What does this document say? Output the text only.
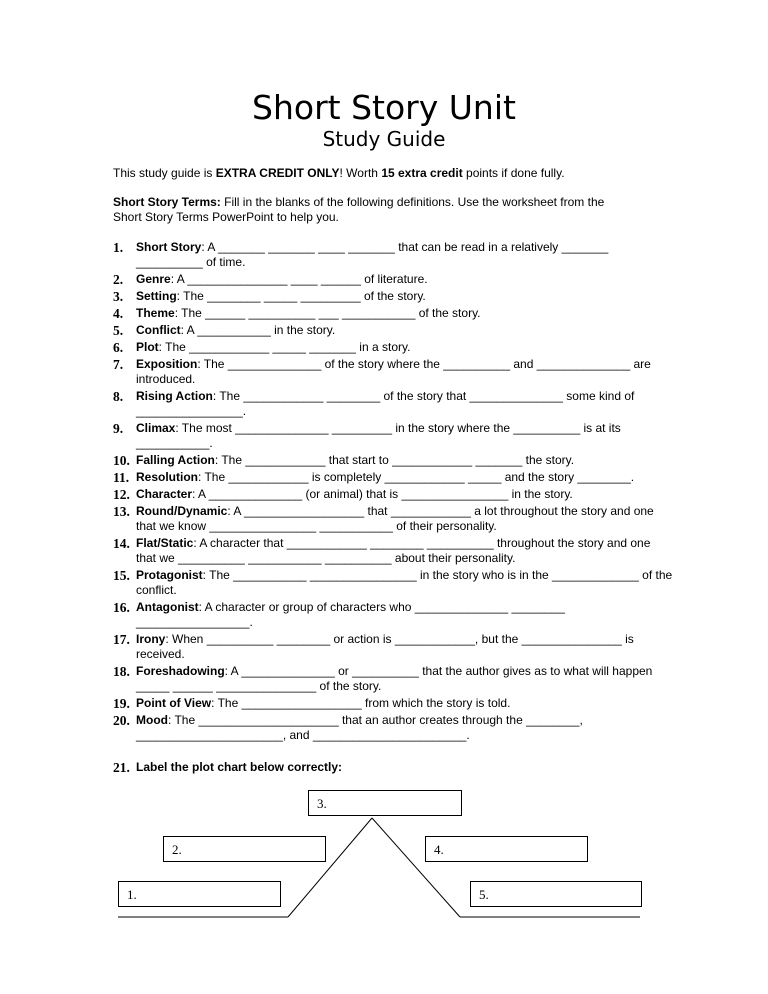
Short Story Unit
Study Guide
This study guide is EXTRA CREDIT ONLY! Worth 15 extra credit points if done fully.
Short Story Terms: Fill in the blanks of the following definitions. Use the worksheet from the Short Story Terms PowerPoint to help you.
1. Short Story: A _______ _______ ____ _______ that can be read in a relatively _______ __________ of time.
2. Genre: A _______________ ____ ______ of literature.
3. Setting: The ________ _____ _________ of the story.
4. Theme: The ______ __________ ___ ___________ of the story.
5. Conflict: A ___________ in the story.
6. Plot: The ____________ _____ _______ in a story.
7. Exposition: The ______________ of the story where the __________ and ______________ are introduced.
8. Rising Action: The ____________ ________ of the story that ______________ some kind of ________________.
9. Climax: The most ______________ _________ in the story where the __________ is at its ___________.
10. Falling Action: The ____________ that start to ____________ _______ the story.
11. Resolution: The ____________ is completely ____________ _____ and the story ________.
12. Character: A ______________ (or animal) that is ________________ in the story.
13. Round/Dynamic: A __________________ that ____________ a lot throughout the story and one that we know ________________ ___________ of their personality.
14. Flat/Static: A character that ____________ ________ __________ throughout the story and one that we __________ ___________ __________ about their personality.
15. Protagonist: The ___________ ________________ in the story who is in the _____________ of the conflict.
16. Antagonist: A character or group of characters who ______________ ________ _________________.
17. Irony: When __________ ________ or action is ____________, but the _______________ is received.
18. Foreshadowing: A ______________ or __________ that the author gives as to what will happen _____ ______ _______________ of the story.
19. Point of View: The __________________ from which the story is told.
20. Mood: The _____________________ that an author creates through the ________, ______________________, and _______________________.
21. Label the plot chart below correctly:
3.
2.	4.
1.	5.
